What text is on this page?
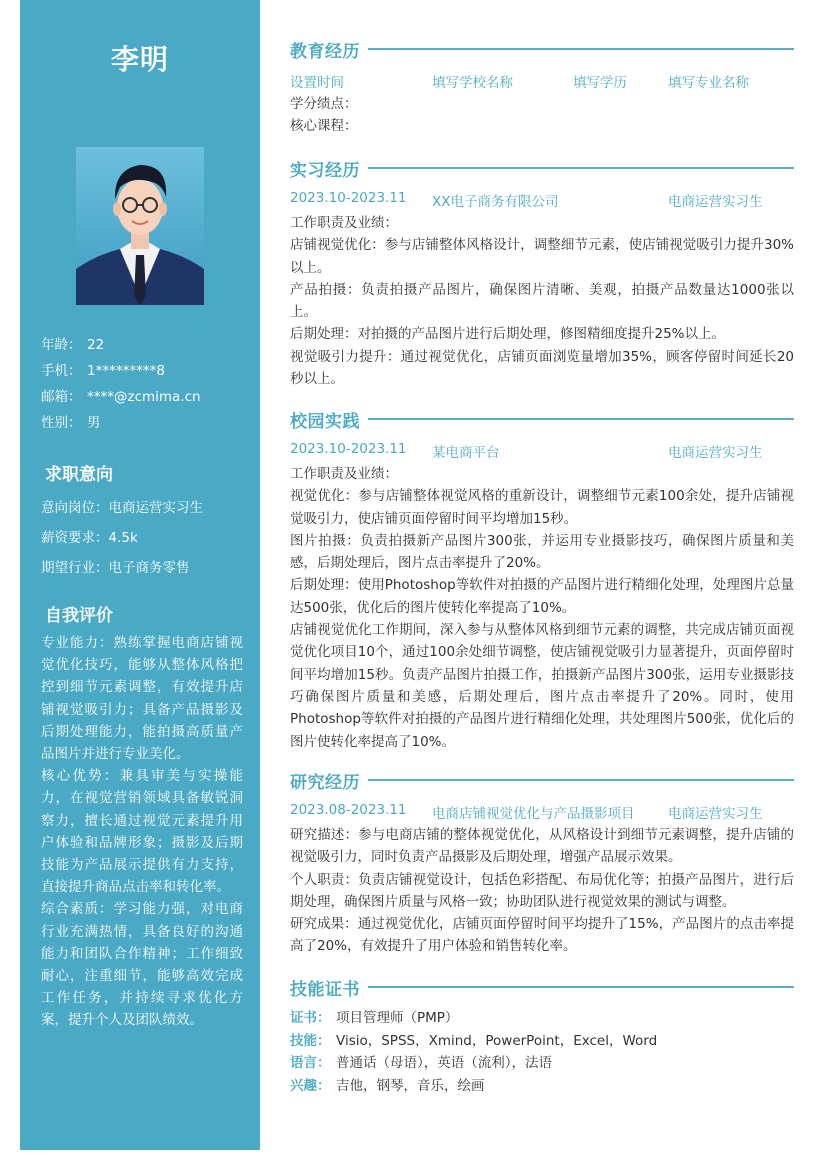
李明
年龄： 22
手机： 1*********8
邮箱： ****@zcmima.cn
性别： 男
求职意向
意向岗位：电商运营实习生
薪资要求：4.5k
期望行业：电子商务零售
自我评价

专业能力：熟练掌握电商店铺视觉优化技巧，能够从整体风格把控到细节元素调整，有效提升店铺视觉吸引力；具备产品摄影及后期处理能力，能拍摄高质量产品图片并进行专业美化。

核心优势：兼具审美与实操能力，在视觉营销领域具备敏锐洞察力，擅长通过视觉元素提升用户体验和品牌形象；摄影及后期技能为产品展示提供有力支持，直接提升商品点击率和转化率。

综合素质：学习能力强，对电商行业充满热情，具备良好的沟通能力和团队合作精神；工作细致耐心，注重细节，能够高效完成工作任务，并持续寻求优化方案，提升个人及团队绩效。

教育经历
设置时间	填写学校名称	填写学历	填写专业名称

学分绩点：

核心课程：

实习经历
2023.10-2023.11 XX电子商务有限公司	电商运营实习生

工作职责及业绩：

店铺视觉优化：参与店铺整体风格设计，调整细节元素，使店铺视觉吸引力提升30%以上。

产品拍摄：负责拍摄产品图片，确保图片清晰、美观，拍摄产品数量达1000张以上。

后期处理：对拍摄的产品图片进行后期处理，修图精细度提升25%以上。

视觉吸引力提升：通过视觉优化，店铺页面浏览量增加35%，顾客停留时间延长20秒以上。

校园实践
2023.10-2023.11 某电商平台	电商运营实习生

工作职责及业绩：

视觉优化：参与店铺整体视觉风格的重新设计，调整细节元素100余处，提升店铺视觉吸引力，使店铺页面停留时间平均增加15秒。

图片拍摄：负责拍摄新产品图片300张，并运用专业摄影技巧，确保图片质量和美感，后期处理后，图片点击率提升了20%。

后期处理：使用Photoshop等软件对拍摄的产品图片进行精细化处理，处理图片总量达500张，优化后的图片使转化率提高了10%。

店铺视觉优化工作期间，深入参与从整体风格到细节元素的调整，共完成店铺页面视觉优化项目10个，通过100余处细节调整，使店铺视觉吸引力显著提升，页面停留时间平均增加15秒。负责产品图片拍摄工作，拍摄新产品图片300张，运用专业摄影技巧确保图片质量和美感，后期处理后，图片点击率提升了20%。同时，使用Photoshop等软件对拍摄的产品图片进行精细化处理，共处理图片500张，优化后的图片使转化率提高了10%。

研究经历
2023.08-2023.11 电商店铺视觉优化与产品摄影项目 电商运营实习生

研究描述：参与电商店铺的整体视觉优化，从风格设计到细节元素调整，提升店铺的视觉吸引力，同时负责产品摄影及后期处理，增强产品展示效果。

个人职责：负责店铺视觉设计，包括色彩搭配、布局优化等；拍摄产品图片，进行后期处理，确保图片质量与风格一致；协助团队进行视觉效果的测试与调整。

研究成果：通过视觉优化，店铺页面停留时间平均提升了15%，产品图片的点击率提高了20%，有效提升了用户体验和销售转化率。

技能证书
证书： 项目管理师（PMP）
技能： Visio，SPSS，Xmind，PowerPoint，Excel，Word
语言： 普通话（母语），英语（流利），法语
兴趣： 吉他，钢琴，音乐，绘画
